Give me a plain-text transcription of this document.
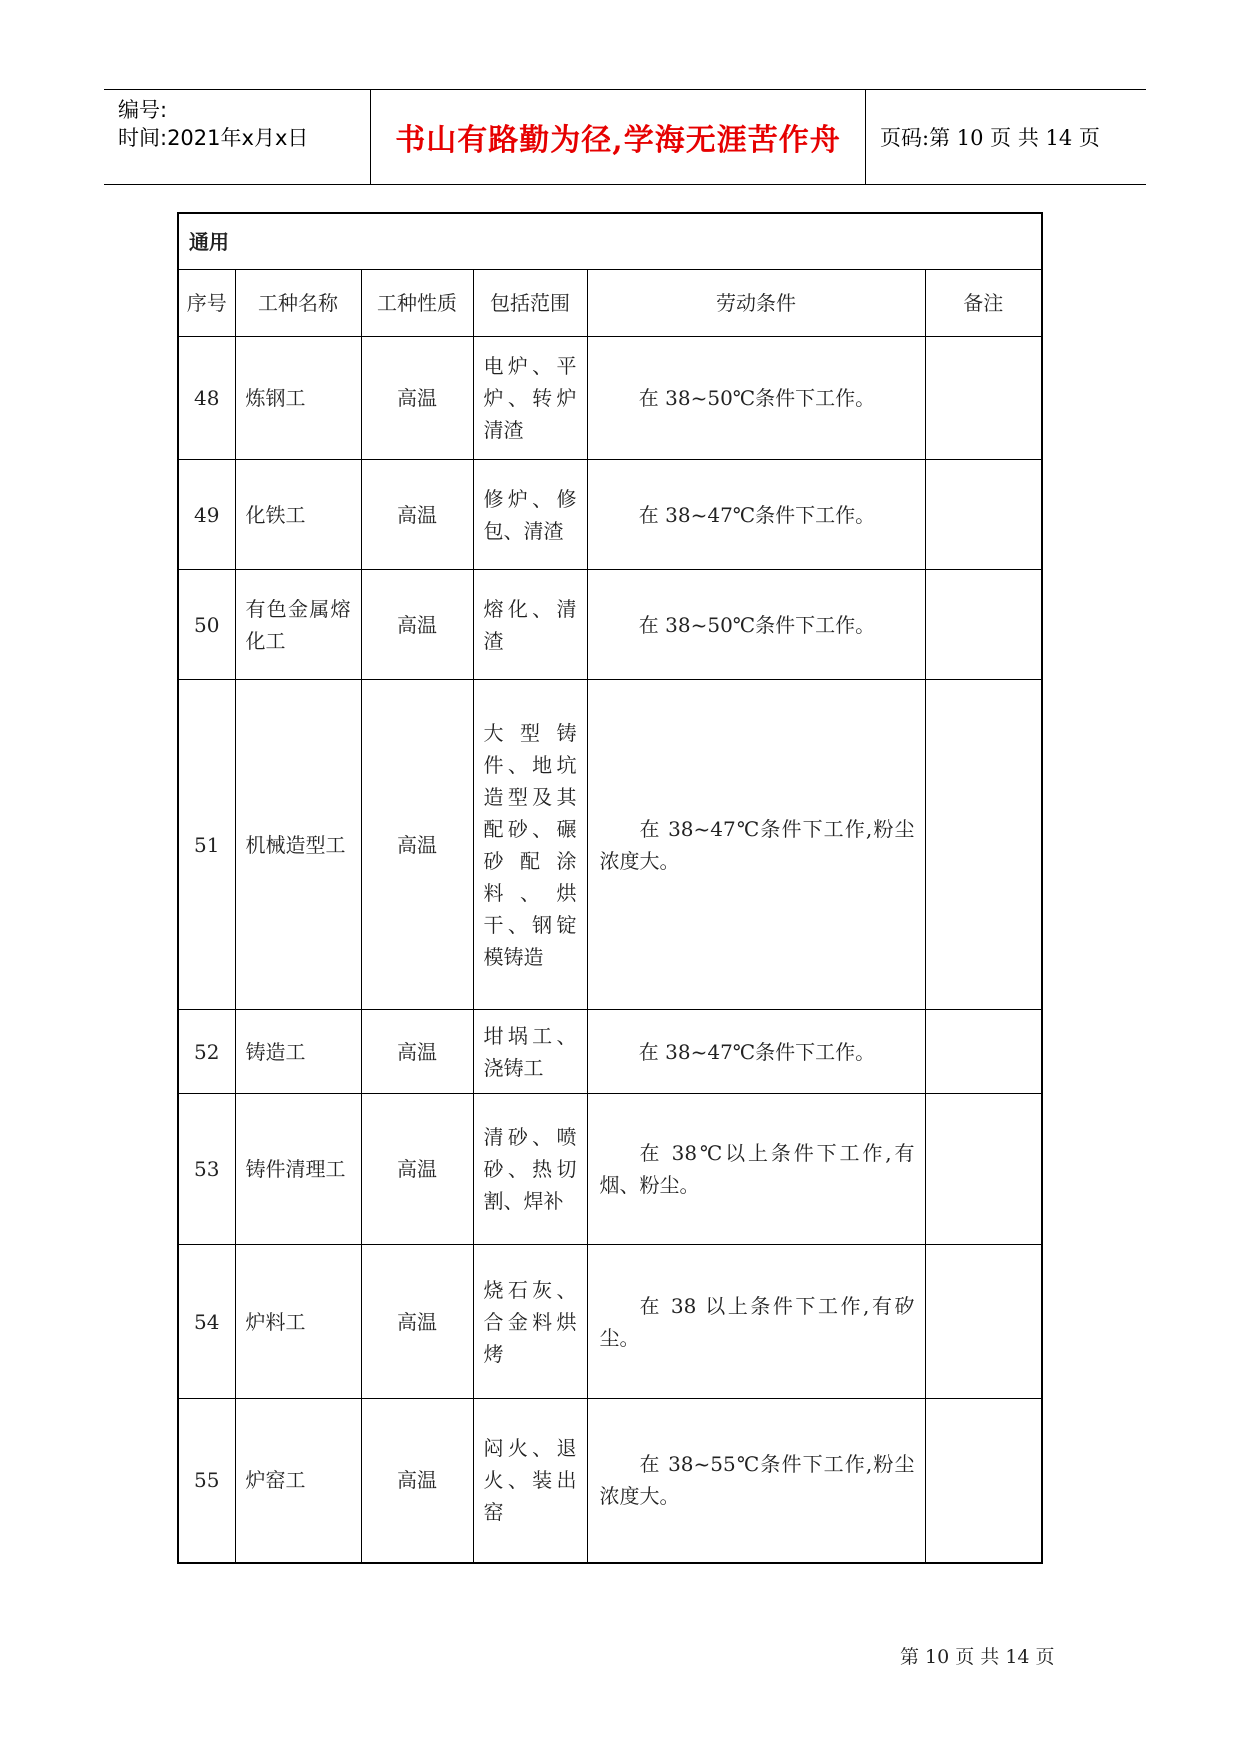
编号:
时间:2021年x月x日	书山有路勤为径,学海无涯苦作舟 页码:第 10 页 共 14 页
通用					
序号	工种名称	工种性质	包括范围	劳动条件	备注
48	炼钢工	高温	电炉、平炉、转炉清渣	在 38~50℃条件下工作。	

49	化铁工	高温	修炉、修包、清渣	在 38~47℃条件下工作。	

50	有色金属熔化工	高温	熔化、清渣	在 38~50℃条件下工作。	

51	机械造型工	高温	大型铸件、地坑造型及其配砂、碾砂配涂料、烘干、钢锭模铸造	在 38~47℃条件下工作,粉尘浓度大。	

52	铸造工	高温	坩埚工、浇铸工	在 38~47℃条件下工作。	

53	铸件清理工	高温	清砂、喷砂、热切割、焊补	在 38℃以上条件下工作,有烟、粉尘。	

54	炉料工	高温	烧石灰、合金料烘烤	在 38 以上条件下工作,有矽尘。	

55	炉窑工	高温	闷火、退火、装出窑	在 38~55℃条件下工作,粉尘浓度大。	

第 10 页 共 14 页
